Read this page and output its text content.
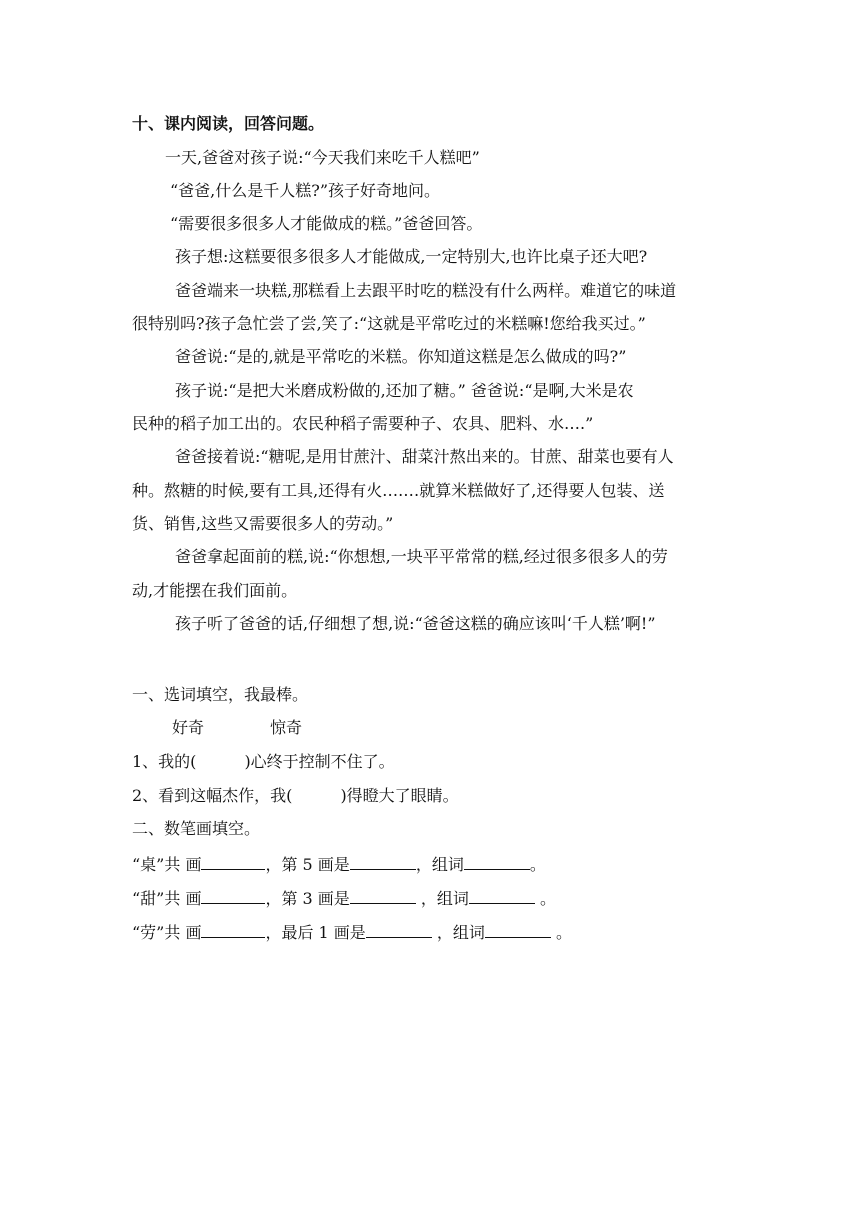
十、课内阅读，回答问题。
一天,爸爸对孩子说:“今天我们来吃千人糕吧”
“爸爸,什么是千人糕?”孩子好奇地问。
“需要很多很多人才能做成的糕。”爸爸回答。
孩子想:这糕要很多很多人才能做成,一定特别大,也许比桌子还大吧?
爸爸端来一块糕,那糕看上去跟平时吃的糕没有什么两样。难道它的味道
很特别吗?孩子急忙尝了尝,笑了:“这就是平常吃过的米糕嘛!您给我买过。”
爸爸说:“是的,就是平常吃的米糕。你知道这糕是怎么做成的吗?”
孩子说:“是把大米磨成粉做的,还加了糖。” 爸爸说:“是啊,大米是农
民种的稻子加工出的。农民种稻子需要种子、农具、肥料、水….”
爸爸接着说:“糖呢,是用甘蔗汁、甜菜汁熬出来的。甘蔗、甜菜也要有人
种。熬糖的时候,要有工具,还得有火….…就算米糕做好了,还得要人包装、送
货、销售,这些又需要很多人的劳动。”
爸爸拿起面前的糕,说:“你想想,一块平平常常的糕,经过很多很多人的劳
动,才能摆在我们面前。
孩子听了爸爸的话,仔细想了想,说:“爸爸这糕的确应该叫‘千人糕’啊!”
一、选词填空，我最棒。
好奇	惊奇
1、我的(	)心终于控制不住了。
2、看到这幅杰作，我(	)得瞪大了眼睛。
二、数笔画填空。
“桌”共 画	，第 5 画是	，组词	。
“甜”共 画	，第 3 画是	，组词	。
“劳”共 画	，最后 1 画是	，组词	。
